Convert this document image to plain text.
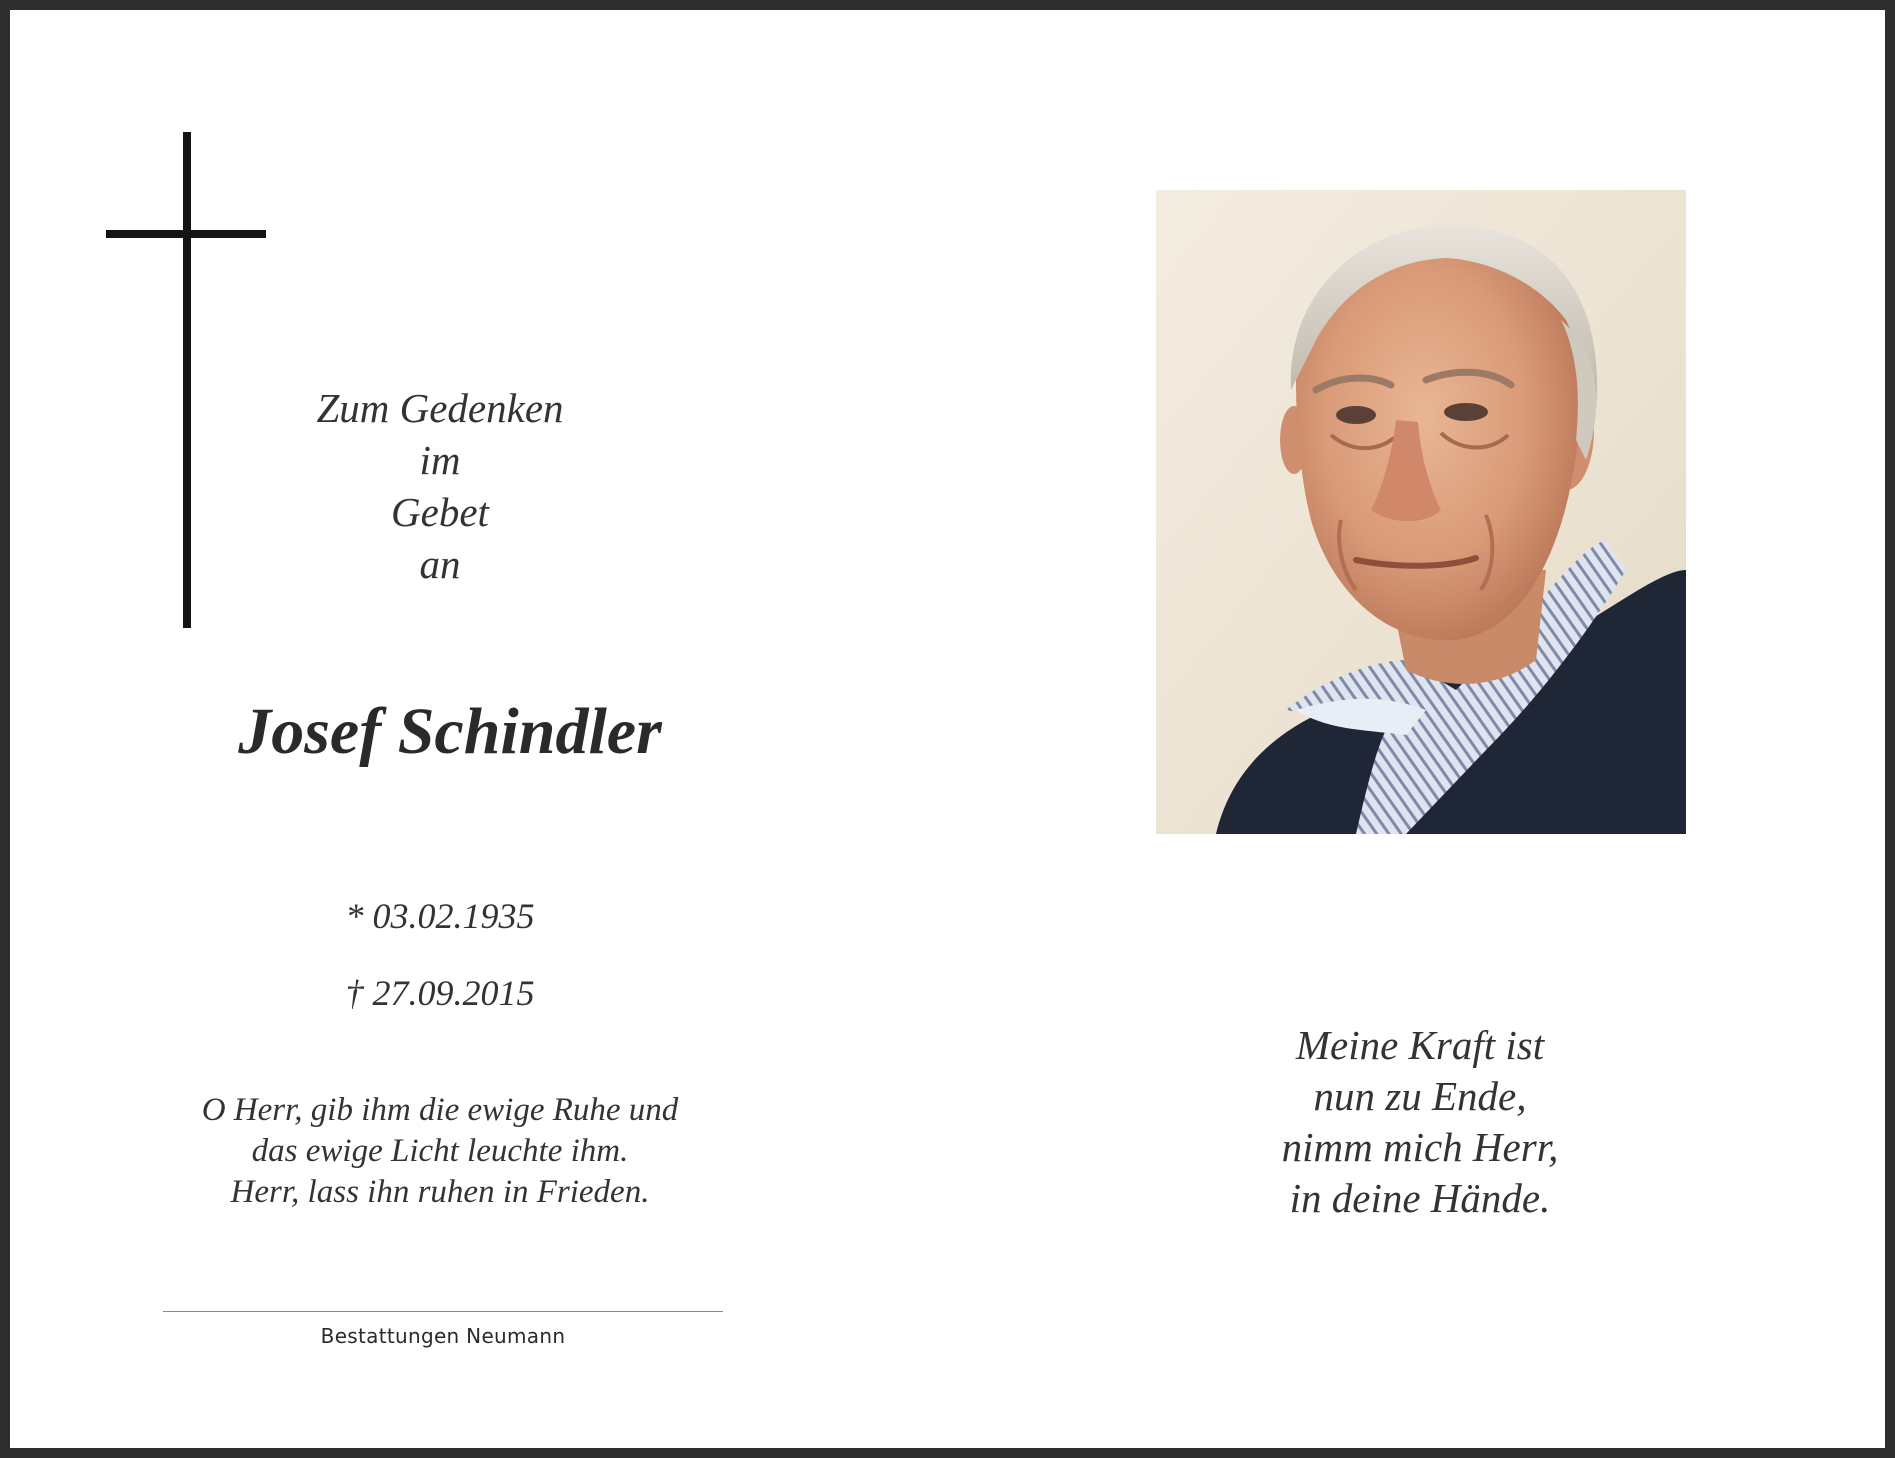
Zum Gedenken
im
Gebet
an
Josef Schindler
* 03.02.1935
† 27.09.2015
O Herr, gib ihm die ewige Ruhe und
das ewige Licht leuchte ihm.
Herr, lass ihn ruhen in Frieden.
Bestattungen Neumann
Meine Kraft ist
nun zu Ende,
nimm mich Herr,
in deine Hände.
